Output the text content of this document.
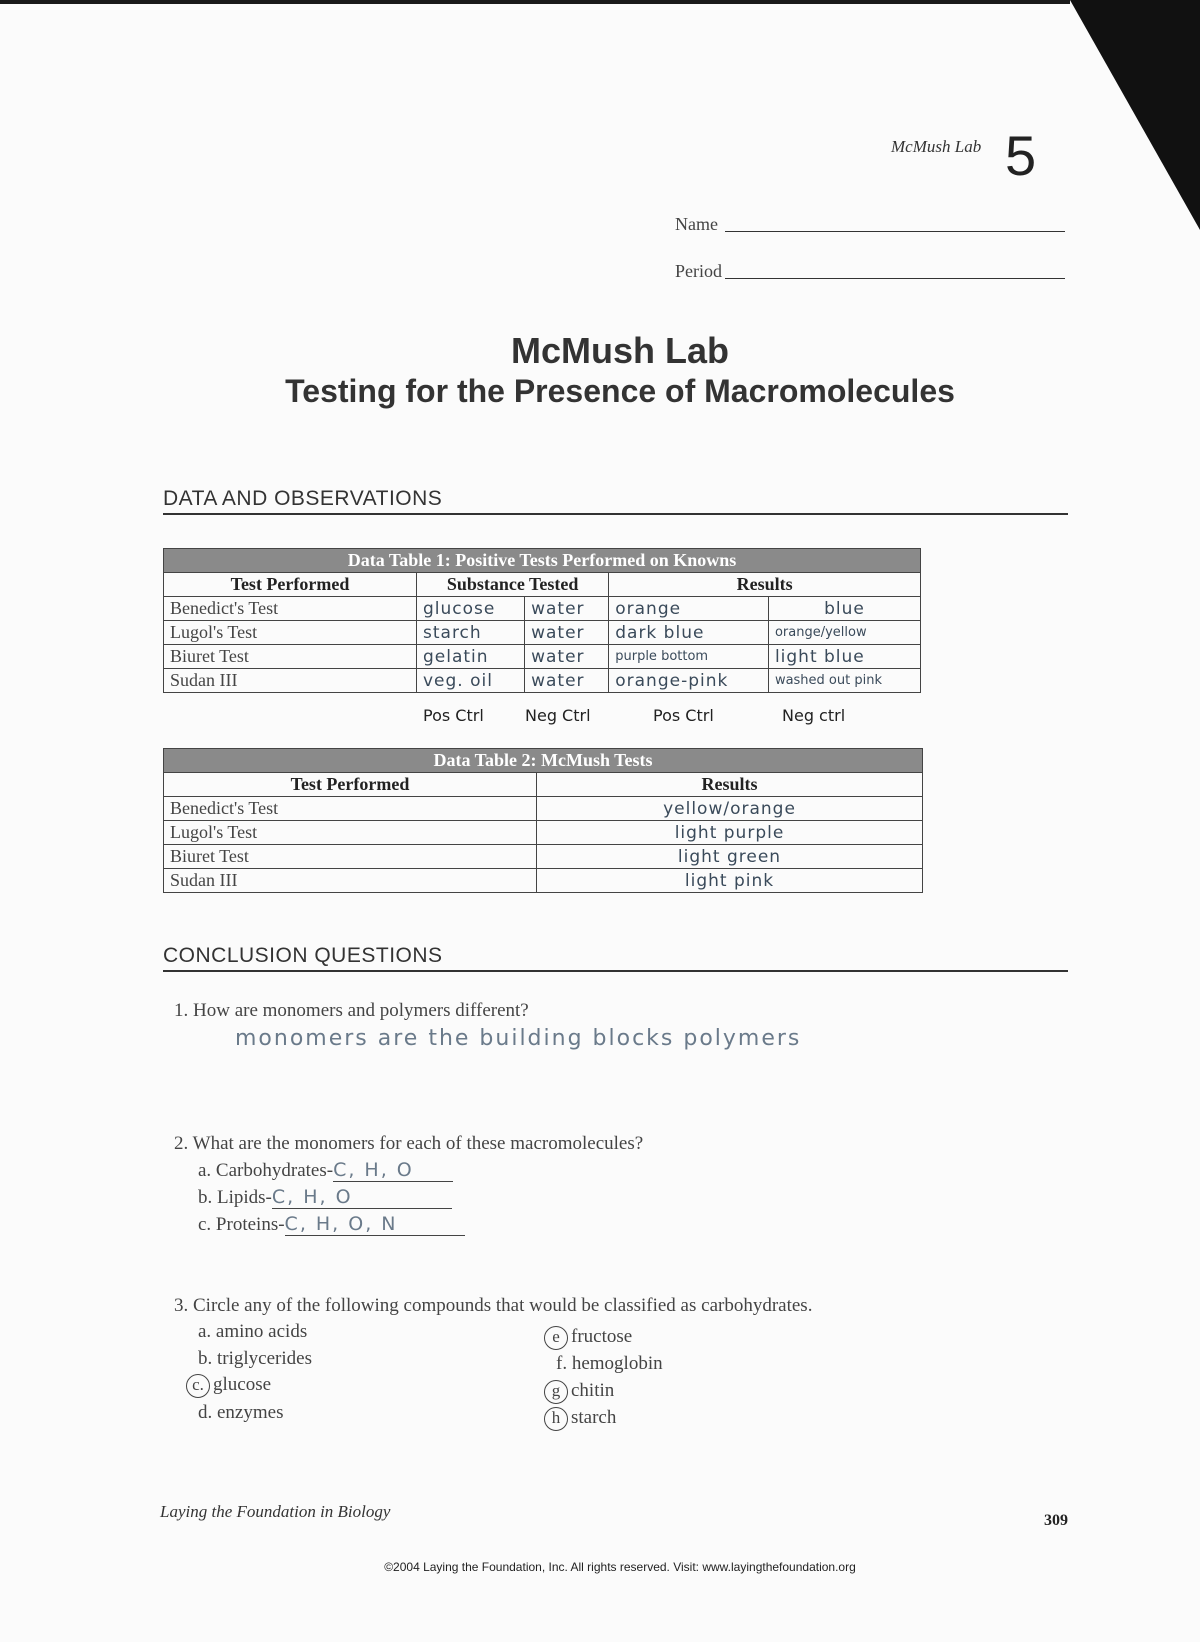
McMush Lab 5
Name
Period
McMush Lab
Testing for the Presence of Macromolecules
DATA AND OBSERVATIONS
Data Table 1: Positive Tests Performed on Knowns				
Test Performed	Substance Tested		Results	
Benedict's Test	glucose	water	orange	blue
Lugol's Test	starch	water	dark blue	orange/yellow
Biuret Test	gelatin	water	purple bottom	light blue
Sudan III	veg. oil	water	orange-pink	washed out pink
Pos Ctrl	Neg Ctrl	Pos Ctrl	Neg ctrl
Data Table 2: McMush Tests	
Test Performed	Results
Benedict's Test	yellow/orange
Lugol's Test	light purple
Biuret Test	light green
Sudan III	light pink
CONCLUSION QUESTIONS
1. How are monomers and polymers different?
monomers are the building blocks polymers
2. What are the monomers for each of these macromolecules?
a. Carbohydrates-C, H, O
b. Lipids-C, H, O
c. Proteins-C, H, O, N
3. Circle any of the following compounds that would be classified as carbohydrates.
a. amino acids
b. triglycerides
c. glucose
d. enzymes
e fructose
f. hemoglobin
g chitin
h starch
Laying the Foundation in Biology	309
©2004 Laying the Foundation, Inc. All rights reserved. Visit: www.layingthefoundation.org
